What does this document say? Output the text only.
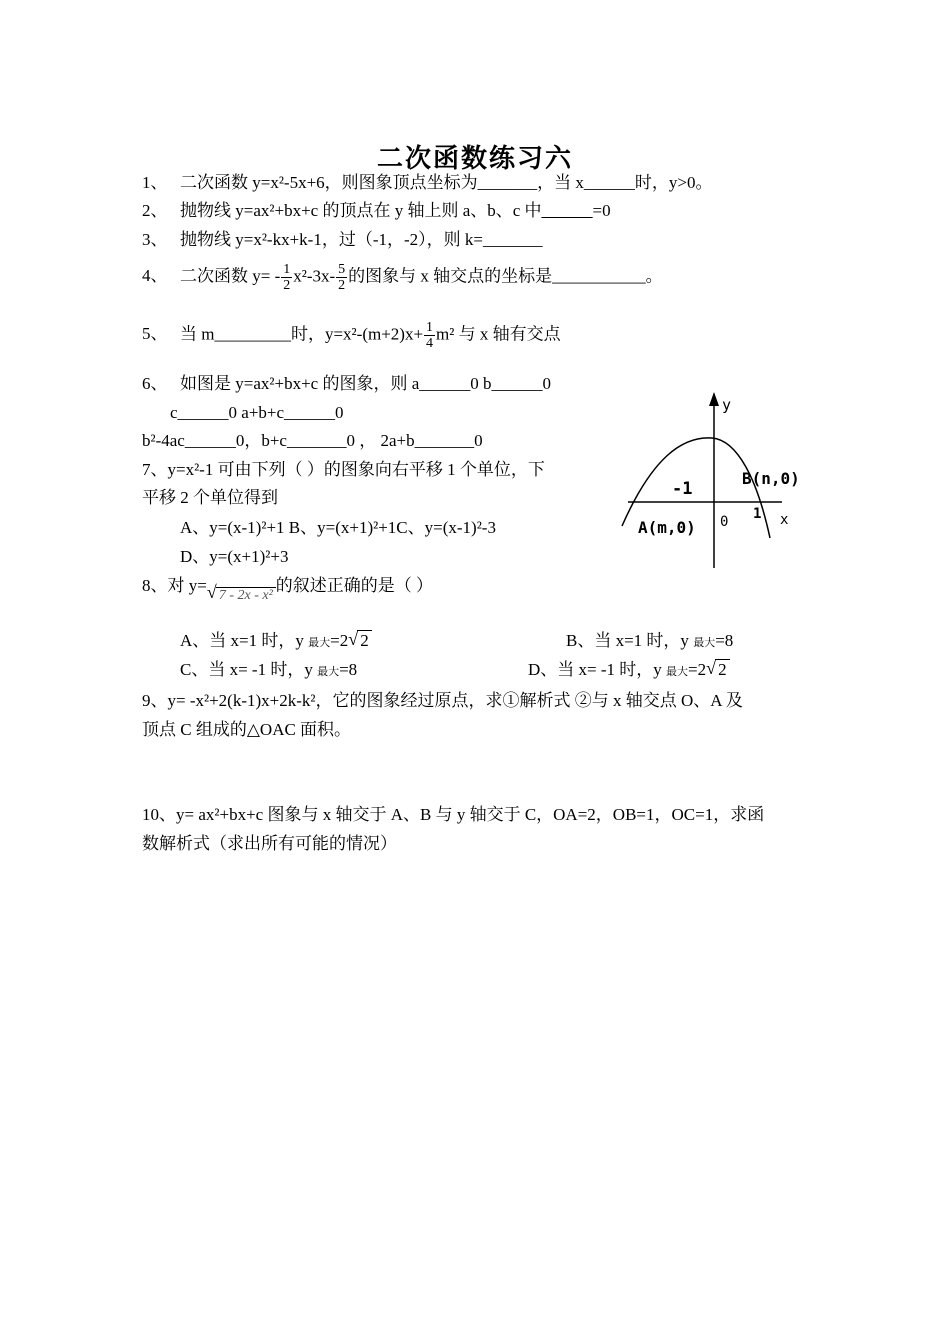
二次函数练习六
1、 二次函数 y=x²-5x+6，则图象顶点坐标为_______，当 x______时，y>0。
2、 抛物线 y=ax²+bx+c 的顶点在 y 轴上则 a、b、c 中______=0
3、 抛物线 y=x²-kx+k-1，过（-1，-2），则 k=_______
4、 二次函数 $y= - \frac{1}{2} x^2-3x- \frac{5}{2}$ 的图象与 x 轴交点的坐标是___________。
5、 当 m_________时，$y=x^2-(m+2)x+ \frac{1}{4} m^2$ 与 x 轴有交点
6、 如图是 y=ax²+bx+c 的图象，则 a______0 b______0
c______0 a+b+c______0
b²-4ac______0，b+c_______0 ， 2a+b_______0
7、y=x²-1 可由下列（ ）的图象向右平移 1 个单位，下
平移 2 个单位得到
A、y=(x-1)²+1 B、y=(x+1)²+1C、y=(x-1)²-3
D、y=(x+1)²+3
8、对 y= √ 7 - 2x - x²的叙述正确的是（ ）
A、当 x=1 时，y 最大=2 √ 2	B、当 x=1 时，y 最大=8
C、当 x= -1 时，y 最大=8	D、当 x= -1 时，y 最大=2 √ 2
9、y= -x²+2(k-1)x+2k-k²，它的图象经过原点，求①解析式 ②与 x 轴交点 O、A 及
顶点 C 组成的△OAC 面积。
10、y= ax²+bx+c 图象与 x 轴交于 A、B 与 y 轴交于 C，OA=2，OB=1，OC=1，求函
数解析式（求出所有可能的情况）
y
x
-1
0 1
A(m,0)
B(n,0)
